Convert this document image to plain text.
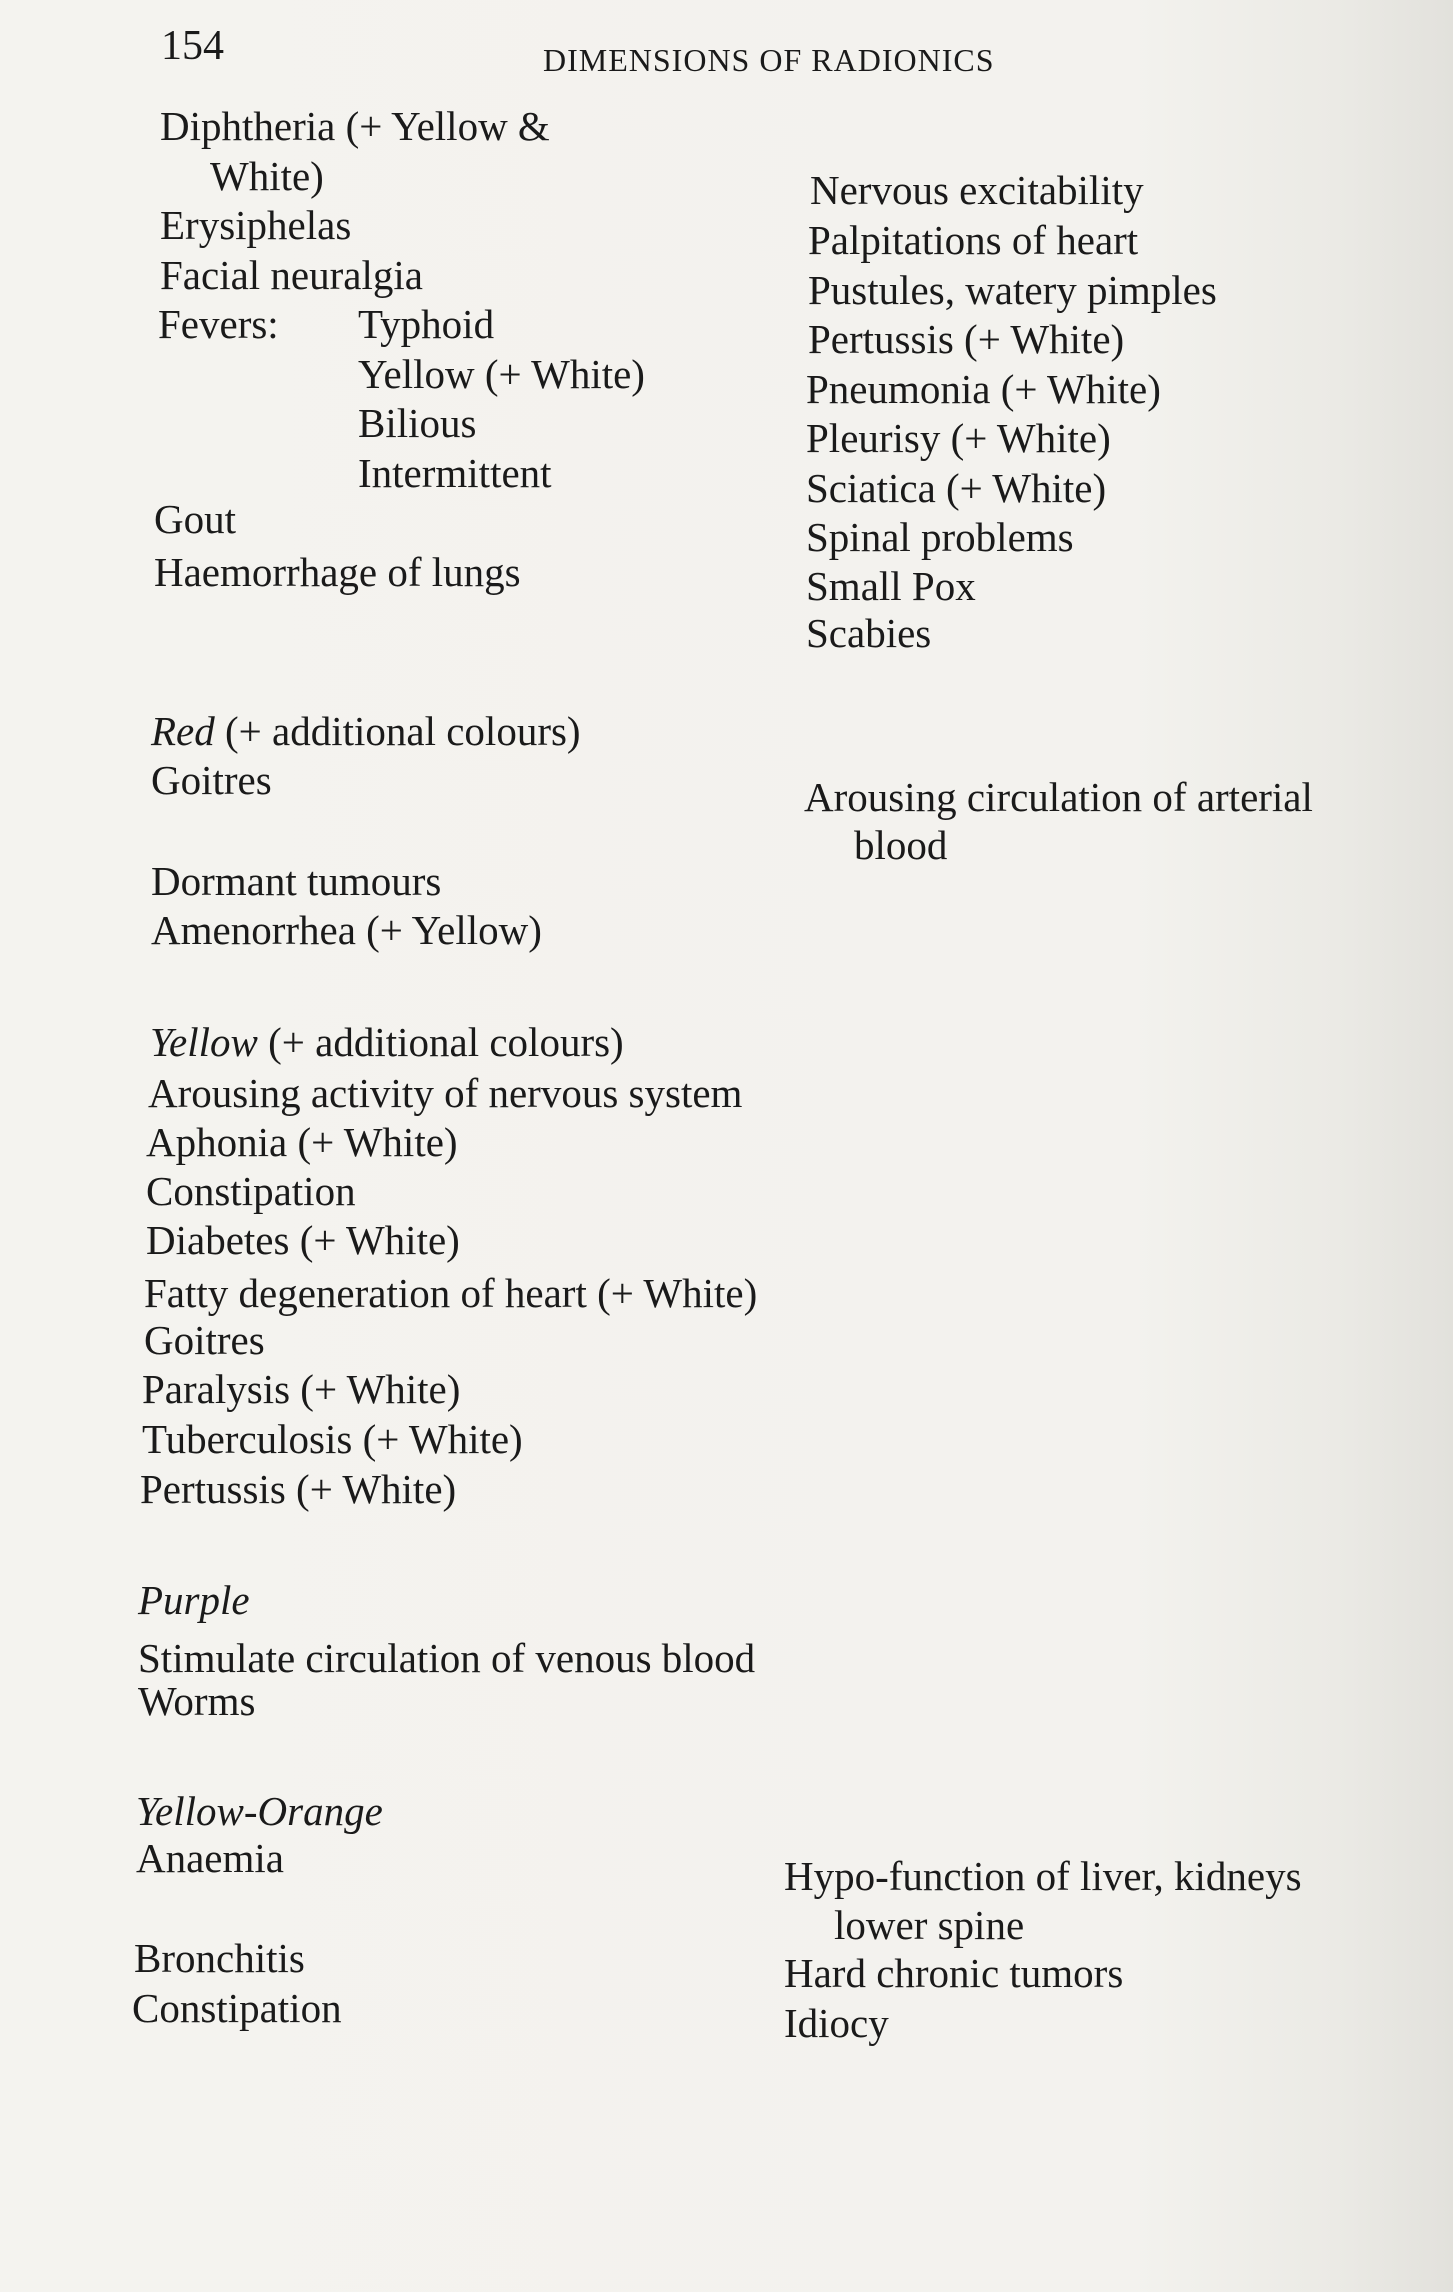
154	DIMENSIONS OF RADIONICS
Diphtheria (+ Yellow &
White)
Erysiphelas
Facial neuralgia
Fevers: Typhoid
Yellow (+ White)
Bilious
Intermittent
Gout
Haemorrhage of lungs
Nervous excitability
Palpitations of heart
Pustules, watery pimples
Pertussis (+ White)
Pneumonia (+ White)
Pleurisy (+ White)
Sciatica (+ White)
Spinal problems
Small Pox
Scabies
Red (+ additional colours)
Goitres
Dormant tumours
Amenorrhea (+ Yellow)
Arousing circulation of arterial
blood
Yellow (+ additional colours)
Arousing activity of nervous system
Aphonia (+ White)
Constipation
Diabetes (+ White)
Fatty degeneration of heart (+ White)
Goitres
Paralysis (+ White)
Tuberculosis (+ White)
Pertussis (+ White)
Purple
Stimulate circulation of venous blood
Worms
Yellow-Orange
Anaemia
Bronchitis
Constipation
Hypo-function of liver, kidneys
lower spine
Hard chronic tumors
Idiocy
